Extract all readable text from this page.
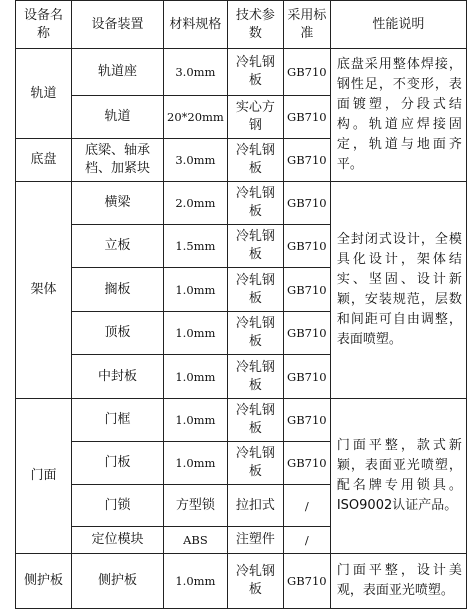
设备名称	设备装置	材料规格	技术参数	采用标准	性能说明
轨道	轨道座	3.0mm	冷轧钢板	GB710	底盘采用整体焊接，钢性足，不变形，表面镀塑，分段式结构。轨道应焊接固定，轨道与地面齐平。
	轨道	20*20mm	实心方钢	GB710	
底盘	底梁、轴承档、加紧块	3.0mm	冷轧钢板	GB710	
架体	横梁	2.0mm	冷轧钢板	GB710	全封闭式设计，全模具化设计，架体结实、坚固、设计新颖，安装规范，层数和间距可自由调整，表面喷塑。
	立板	1.5mm	冷轧钢板	GB710	
	搁板	1.0mm	冷轧钢板	GB710	
	顶板	1.0mm	冷轧钢板	GB710	
	中封板	1.0mm	冷轧钢板	GB710	
门面	门框	1.0mm	冷轧钢板	GB710	门面平整，款式新颖，表面亚光喷塑，配名牌专用锁具。ISO9002认证产品。
	门板	1.0mm	冷轧钢板	GB710	
	门锁	方型锁	拉扣式	/	
	定位模块	ABS	注塑件	/	
侧护板	侧护板	1.0mm	冷轧钢板	GB710	门面平整，设计美观，表面亚光喷塑。
